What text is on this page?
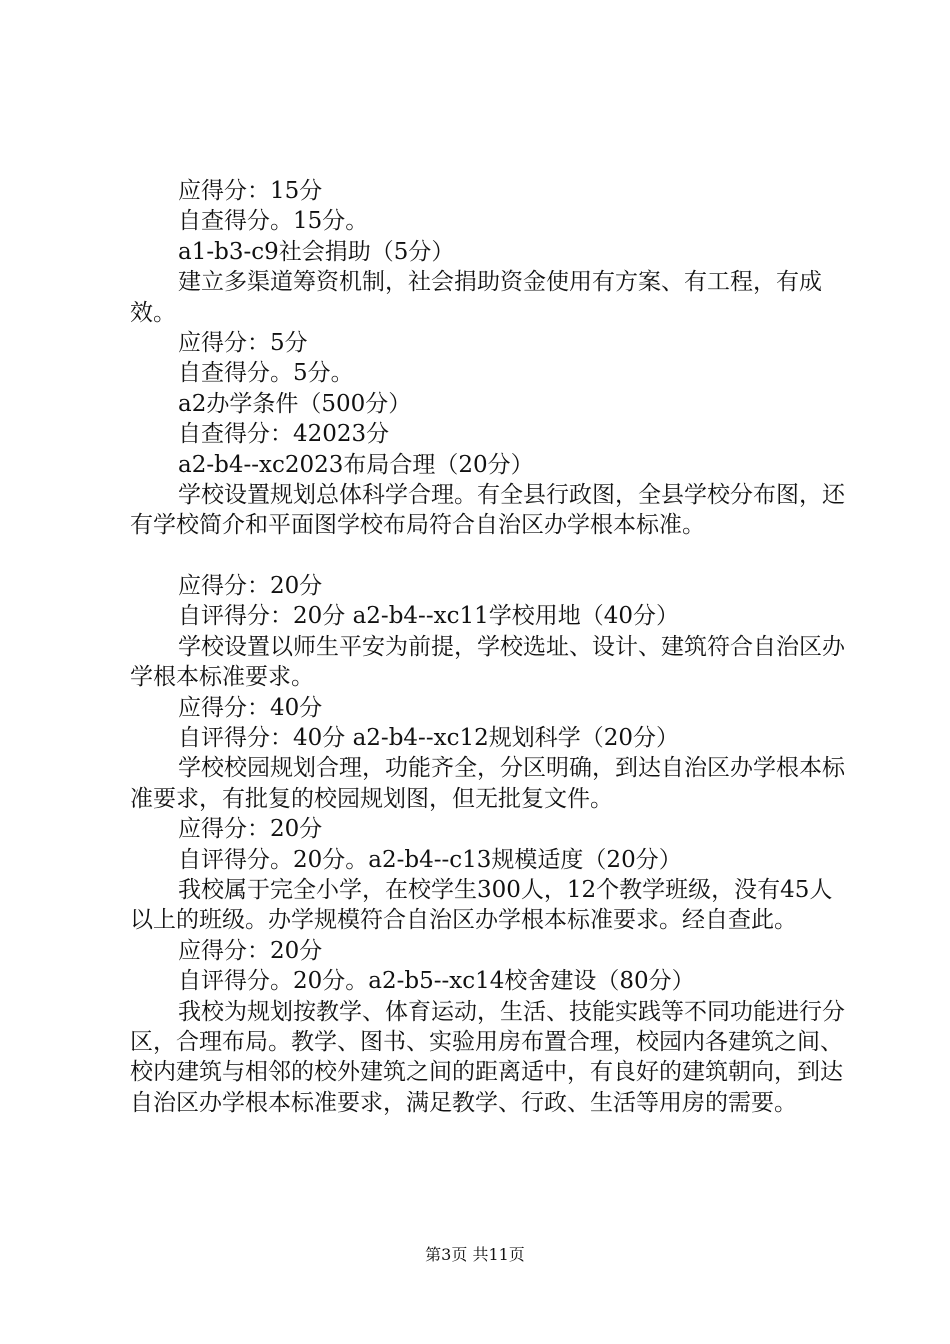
应得分：15分

自查得分。15分。

a1-b3-c9社会捐助（5分）

建立多渠道筹资机制，社会捐助资金使用有方案、有工程，有成效。

应得分：5分

自查得分。5分。

a2办学条件（500分）

自查得分：42023分

a2-b4--xc2023布局合理（20分）

学校设置规划总体科学合理。有全县行政图，全县学校分布图，还有学校简介和平面图学校布局符合自治区办学根本标准。

应得分：20分

自评得分：20分 a2-b4--xc11学校用地（40分）

学校设置以师生平安为前提，学校选址、设计、建筑符合自治区办学根本标准要求。

应得分：40分

自评得分：40分 a2-b4--xc12规划科学（20分）

学校校园规划合理，功能齐全，分区明确，到达自治区办学根本标准要求，有批复的校园规划图，但无批复文件。

应得分：20分

自评得分。20分。a2-b4--c13规模适度（20分）

我校属于完全小学，在校学生300人，12个教学班级，没有45人以上的班级。办学规模符合自治区办学根本标准要求。经自查此。

应得分：20分

自评得分。20分。a2-b5--xc14校舍建设（80分）

我校为规划按教学、体育运动，生活、技能实践等不同功能进行分区，合理布局。教学、图书、实验用房布置合理，校园内各建筑之间、校内建筑与相邻的校外建筑之间的距离适中，有良好的建筑朝向，到达自治区办学根本标准要求，满足教学、行政、生活等用房的需要。

第3页 共11页
